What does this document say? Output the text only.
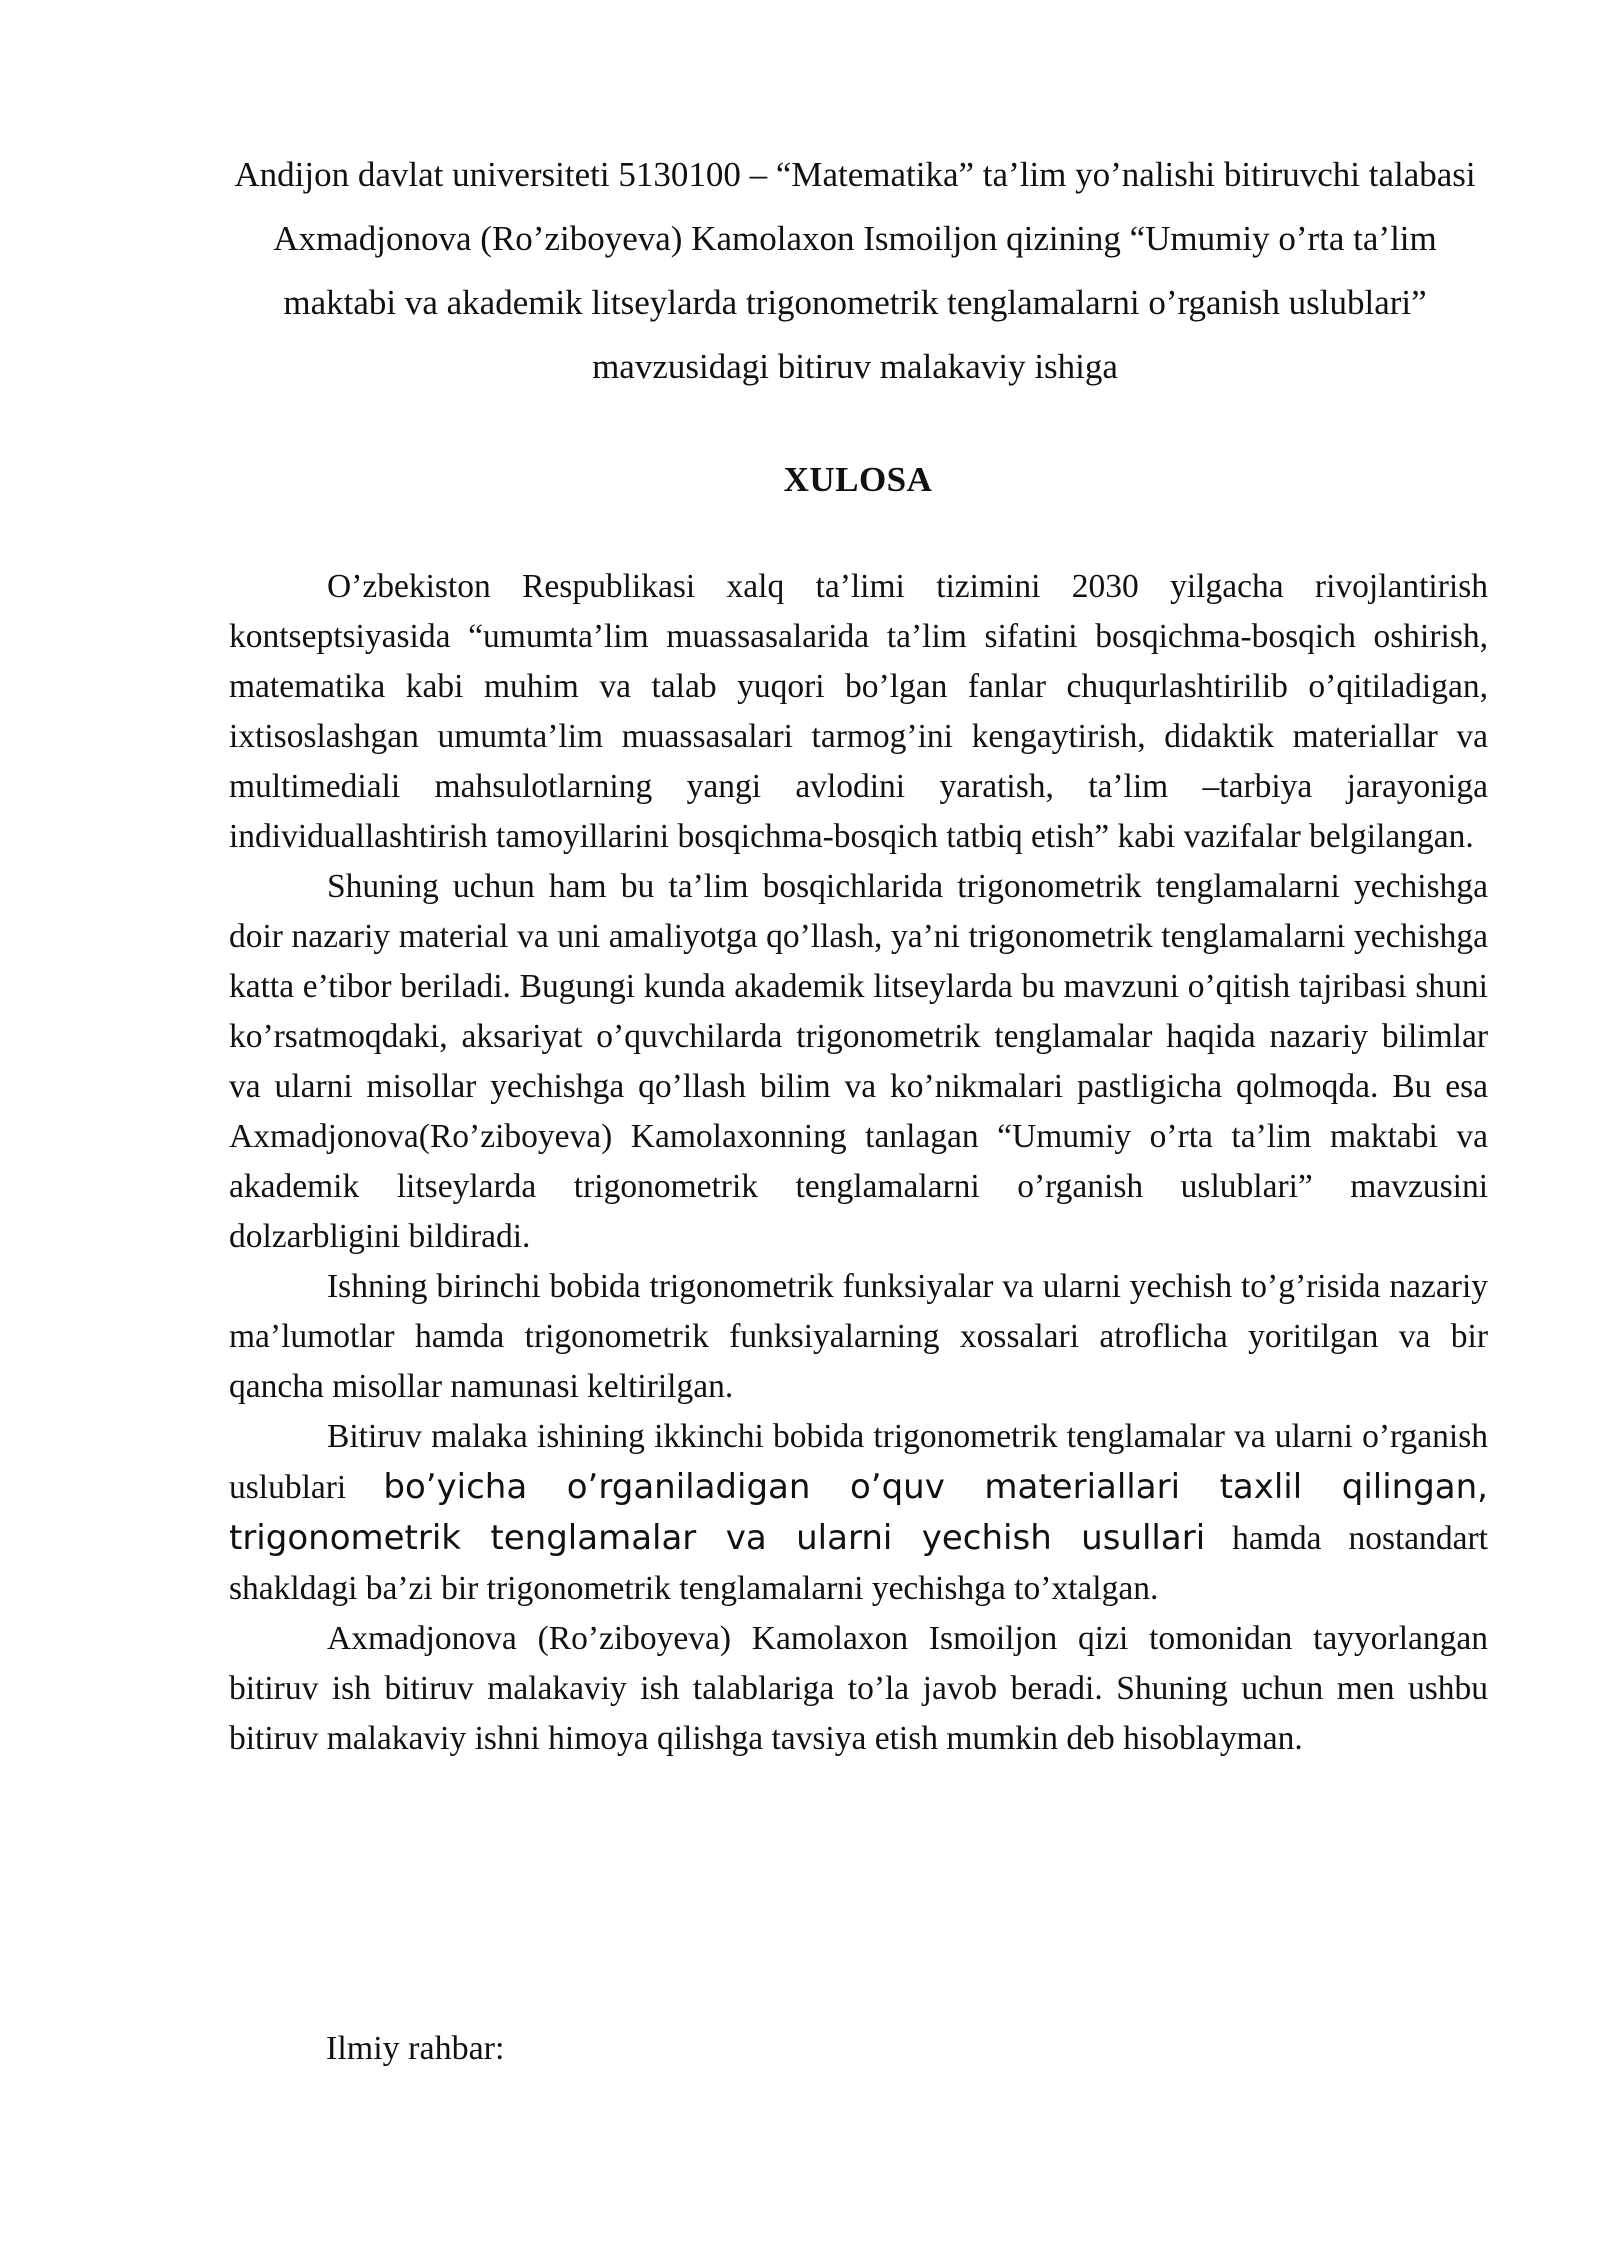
Andijon davlat universiteti 5130100 – “Matematika” ta’lim yo’nalishi bitiruvchi talabasi Axmadjonova (Ro’ziboyeva) Kamolaxon Ismoiljon qizining “Umumiy o’rta ta’lim maktabi va akademik litseylarda trigonometrik tenglamalarni o’rganish uslublari” mavzusidagi bitiruv malakaviy ishiga

XULOSA

O’zbekiston Respublikasi xalq ta’limi tizimini 2030 yilgacha rivojlantirish kontseptsiyasida “umumta’lim muassasalarida ta’lim sifatini bosqichma-bosqich oshirish, matematika kabi muhim va talab yuqori bo’lgan fanlar chuqurlashtirilib o’qitiladigan, ixtisoslashgan umumta’lim muassasalari tarmog’ini kengaytirish, didaktik materiallar va multimediali mahsulotlarning yangi avlodini yaratish, ta’lim –tarbiya jarayoniga individuallashtirish tamoyillarini bosqichma-bosqich tatbiq etish” kabi vazifalar belgilangan.

Shuning uchun ham bu ta’lim bosqichlarida trigonometrik tenglamalarni yechishga doir nazariy material va uni amaliyotga qo’llash, ya’ni trigonometrik tenglamalarni yechishga katta e’tibor beriladi. Bugungi kunda akademik litseylarda bu mavzuni o’qitish tajribasi shuni ko’rsatmoqdaki, aksariyat o’quvchilarda trigonometrik tenglamalar haqida nazariy bilimlar va ularni misollar yechishga qo’llash bilim va ko’nikmalari pastligicha qolmoqda. Bu esa Axmadjonova(Ro’ziboyeva) Kamolaxonning tanlagan “Umumiy o’rta ta’lim maktabi va akademik litseylarda trigonometrik tenglamalarni o’rganish uslublari” mavzusini dolzarbligini bildiradi.

Ishning birinchi bobida trigonometrik funksiyalar va ularni yechish to’g’risida nazariy ma’lumotlar hamda trigonometrik funksiyalarning xossalari atroflicha yoritilgan va bir qancha misollar namunasi keltirilgan.

Bitiruv malaka ishining ikkinchi bobida trigonometrik tenglamalar va ularni o’rganish uslublari bo’yicha o’rganiladigan o’quv materiallari taxlil qilingan, trigonometrik tenglamalar va ularni yechish usullari hamda nostandart shakldagi ba’zi bir trigonometrik tenglamalarni yechishga to’xtalgan.

Axmadjonova (Ro’ziboyeva) Kamolaxon Ismoiljon qizi tomonidan tayyorlangan bitiruv ish bitiruv malakaviy ish talablariga to’la javob beradi. Shuning uchun men ushbu bitiruv malakaviy ishni himoya qilishga tavsiya etish mumkin deb hisoblayman.

Ilmiy rahbar:
